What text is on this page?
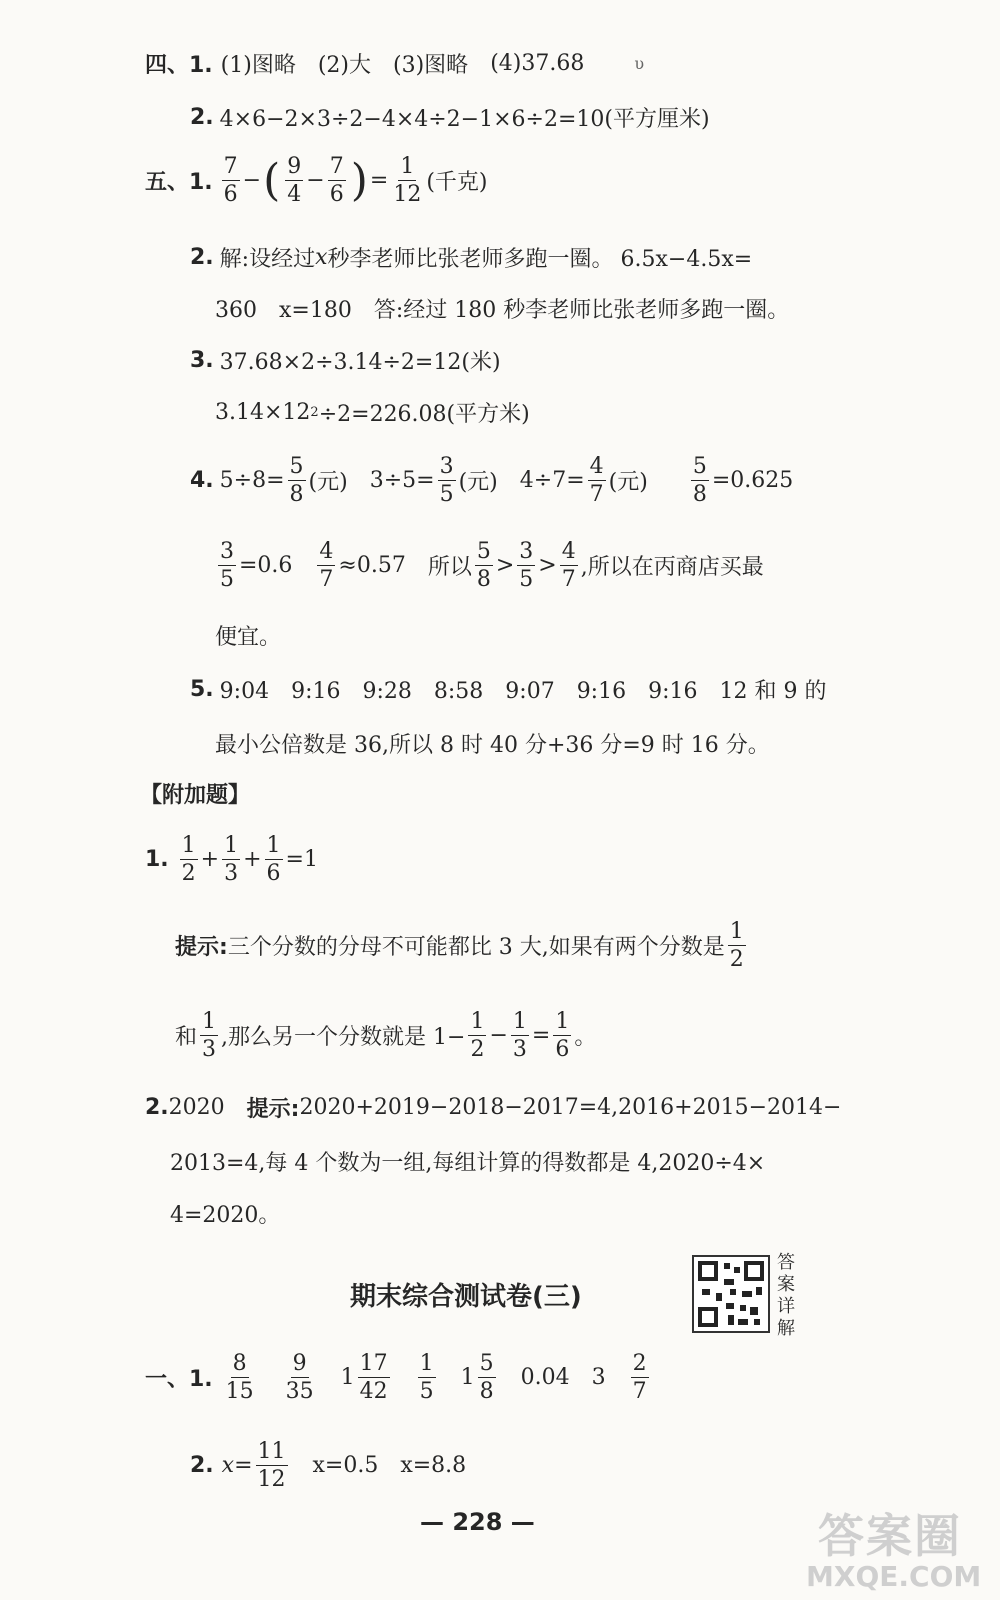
四、1. (1)图略 (2)大 (3)图略 (4)37.68	υ
2. 4×6−2×3÷2−4×4÷2−1×6÷2=10(平方厘米)
五、1. $\frac{7}{6}$ − ( $\frac{9}{4} - \frac{7}{6}$ ) = $\frac{1}{12}$ (千克)
2. 解:设经过 x 秒李老师比张老师多跑一圈。 6.5x−4.5x=
360　x=180　答:经过 180 秒李老师比张老师多跑一圈。
3. 37.68×2÷3.14÷2=12(米)
3.14×12 2 ÷2=226.08(平方米)
4. $5\div 8= \frac{5}{8}$ (元) $3\div 5= \frac{3}{5}$ (元) $4\div 7= \frac{4}{7}$ (元) $\frac{5}{8} =0.625$
$\frac{3}{5} =0.6 \frac{4}{7} \approx 0.57$ 所以 $\frac{5}{8} > \frac{3}{5} > \frac{4}{7}$ ,所以在丙商店买最
便宜。
5. 9:04　9:16　9:28　8:58　9:07　9:16　9:16　12 和 9 的
最小公倍数是 36,所以 8 时 40 分+36 分=9 时 16 分。
【附加题】
1. $\frac{1}{2} + \frac{1}{3} + \frac{1}{6} =1$
提示: 三个分数的分母不可能都比 3 大,如果有两个分数是 $\frac{1}{2}$
和 $\frac{1}{3}$ ,那么另一个分数就是 $1- \frac{1}{2} - \frac{1}{3} = \frac{1}{6}$ 。
2. 2020 提示: 2020+2019−2018−2017=4,2016+2015−2014−
2013=4,每 4 个数为一组,每组计算的得数都是 4,2020÷4×
4=2020。
期末综合测试卷(三)
答
案
详
解
一、1. $\frac{8}{15} \frac{9}{35} 1 \frac{17}{42} \frac{1}{5} 1 \frac{5}{8} 0.04$ $3 \frac{2}{7}$
2. $x= \frac{11}{12} x=0.5$ x=8.8
— 228 —	答案圈
MXQE.COM
